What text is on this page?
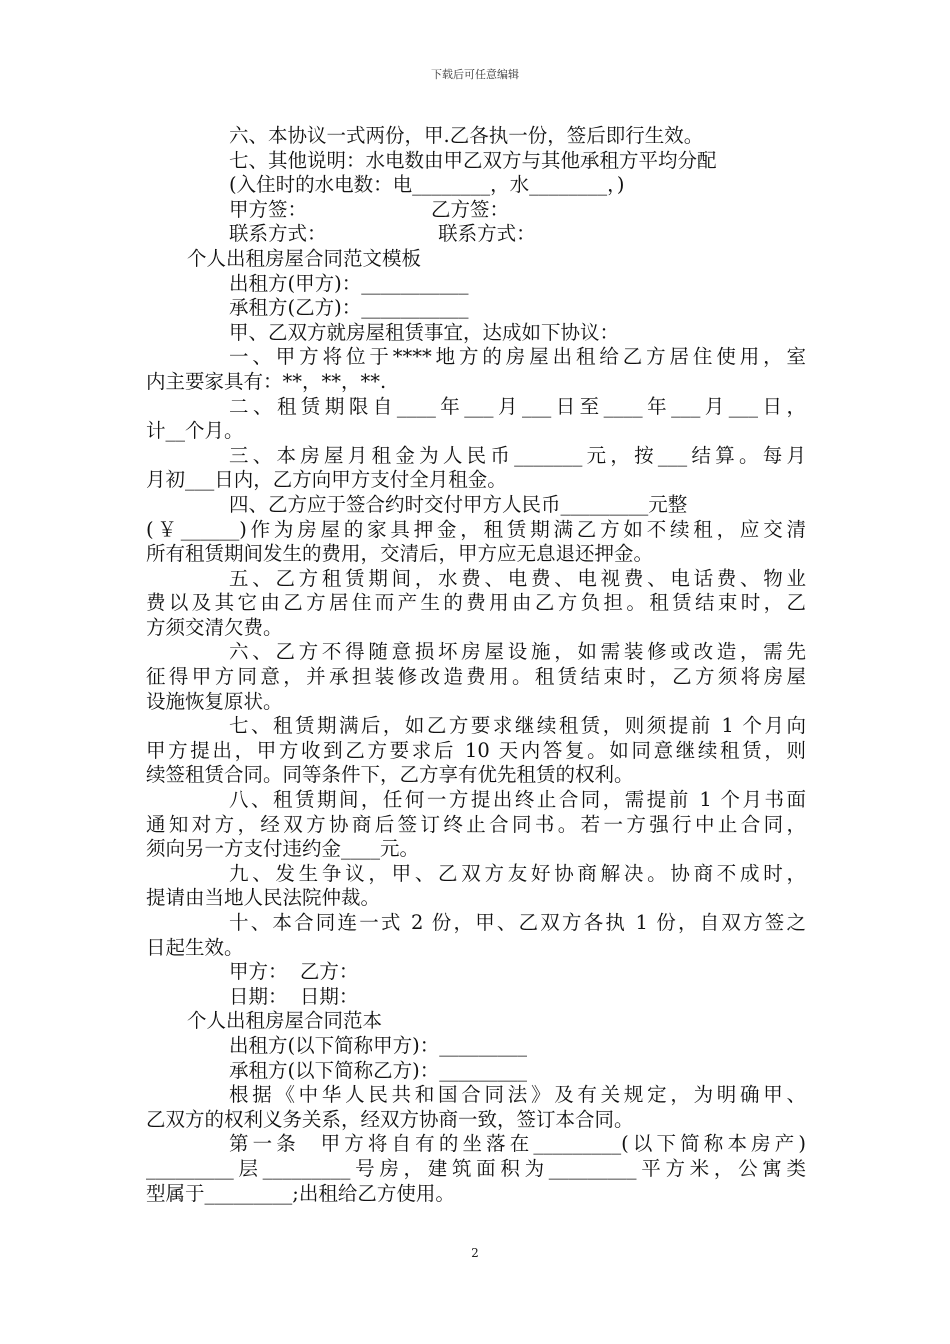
下载后可任意编辑
六、本协议一式两份，甲.乙各执一份，签后即行生效。
七、其他说明：水电数由甲乙双方与其他承租方平均分配
(入住时的水电数：电________，水________，)
甲方签：                    乙方签：
联系方式：                  联系方式：
个人出租房屋合同范文模板
出租方(甲方)：___________
承租方(乙方)：___________
甲、乙双方就房屋租赁事宜，达成如下协议：
一、甲方将位于****地方的房屋出租给乙方居住使用，室
内主要家具有：**，**，**.
二、租赁期限自____年___月___日至____年___月___日，
计__个月。
三、本房屋月租金为人民币_______元，按___结算。每月
月初___日内，乙方向甲方支付全月租金。
四、乙方应于签合约时交付甲方人民币_________元整
(￥______)作为房屋的家具押金，租赁期满乙方如不续租，应交清
所有租赁期间发生的费用，交清后，甲方应无息退还押金。
五、乙方租赁期间，水费、电费、电视费、电话费、物业
费以及其它由乙方居住而产生的费用由乙方负担。租赁结束时，乙
方须交清欠费。
六、乙方不得随意损坏房屋设施，如需装修或改造，需先
征得甲方同意，并承担装修改造费用。租赁结束时，乙方须将房屋
设施恢复原状。
七、租赁期满后，如乙方要求继续租赁，则须提前 1 个月向
甲方提出，甲方收到乙方要求后 10 天内答复。如同意继续租赁，则
续签租赁合同。同等条件下，乙方享有优先租赁的权利。
八、租赁期间，任何一方提出终止合同，需提前 1 个月书面
通知对方，经双方协商后签订终止合同书。若一方强行中止合同，
须向另一方支付违约金____元。
九、发生争议，甲、乙双方友好协商解决。协商不成时，
提请由当地人民法院仲裁。
十、本合同连一式 2 份，甲、乙双方各执 1 份，自双方签之
日起生效。
甲方：  乙方：
日期：  日期：
个人出租房屋合同范本
出租方(以下简称甲方)：_________
承租方(以下简称乙方)：_________
根据《中华人民共和国合同法》及有关规定，为明确甲、
乙双方的权利义务关系，经双方协商一致，签订本合同。
第一条  甲方将自有的坐落在_________(以下简称本房产)
_________层_________号房，建筑面积为_________平方米，公寓类
型属于_________;出租给乙方使用。
2
